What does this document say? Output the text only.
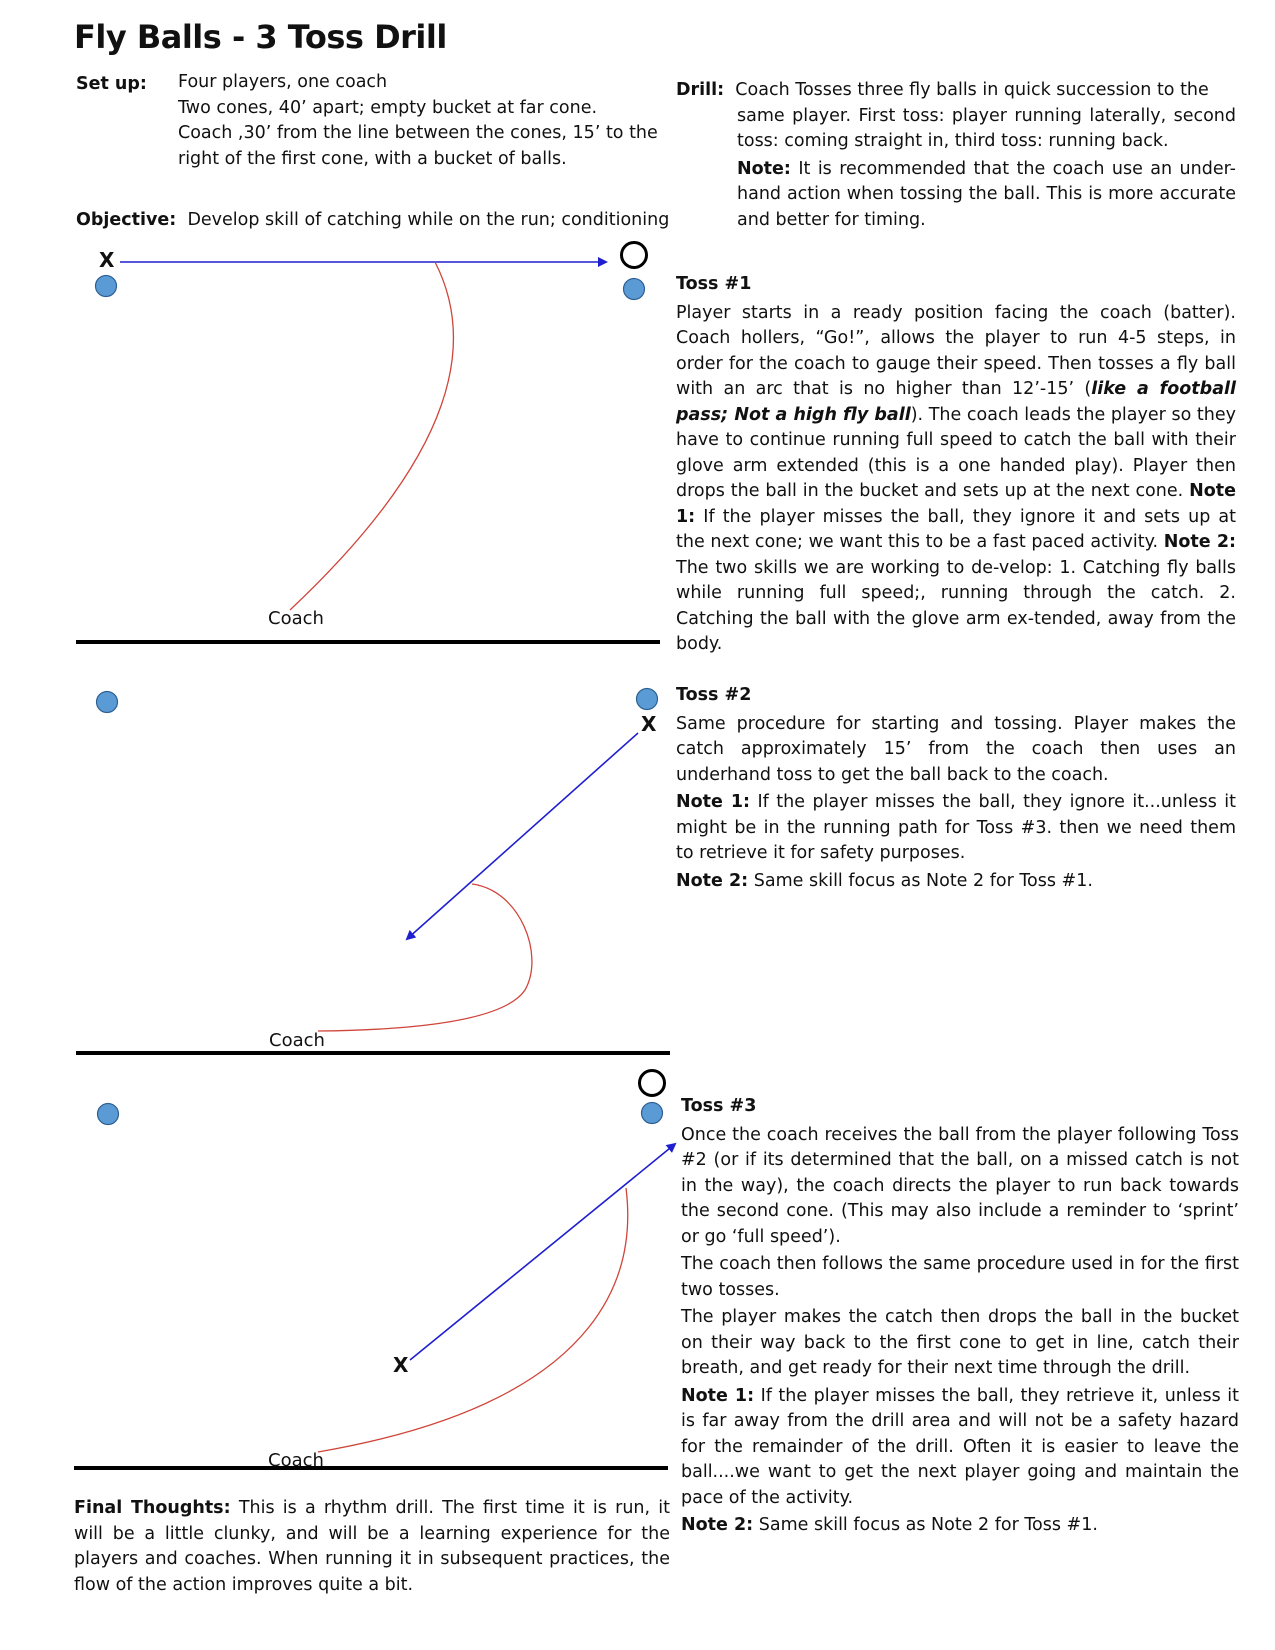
Fly Balls - 3 Toss Drill
Set up: Four players, one coach
Two cones, 40’ apart; empty bucket at far cone.
Coach ,30’ from the line between the cones, 15’ to the
right of the first cone, with a bucket of balls.
Objective: Develop skill of catching while on the run; conditioning
Drill: Coach Tosses three fly balls in quick succession to the
same player. First toss: player running laterally, second toss: coming straight in, third toss: running back.
Note: It is recommended that the coach use an under-hand action when tossing the ball. This is more accurate and better for timing.
Toss #1
Player starts in a ready position facing the coach (batter). Coach hollers, “Go!”, allows the player to run 4-5 steps, in order for the coach to gauge their speed. Then tosses a fly ball with an arc that is no higher than 12’-15’ (like a football pass; Not a high fly ball). The coach leads the player so they have to continue running full speed to catch the ball with their glove arm extended (this is a one handed play). Player then drops the ball in the bucket and sets up at the next cone. Note 1: If the player misses the ball, they ignore it and sets up at the next cone; we want this to be a fast paced activity. Note 2: The two skills we are working to de-velop: 1. Catching fly balls while running full speed;, running through the catch. 2. Catching the ball with the glove arm ex-tended, away from the body.
Toss #2
Same procedure for starting and tossing. Player makes the catch approximately 15’ from the coach then uses an underhand toss to get the ball back to the coach.
Note 1: If the player misses the ball, they ignore it...unless it might be in the running path for Toss #3. then we need them to retrieve it for safety purposes.
Note 2: Same skill focus as Note 2 for Toss #1.
Toss #3
Once the coach receives the ball from the player following Toss #2 (or if its determined that the ball, on a missed catch is not in the way), the coach directs the player to run back towards the second cone. (This may also include a reminder to ‘sprint’ or go ‘full speed’).
The coach then follows the same procedure used in for the first two tosses.
The player makes the catch then drops the ball in the bucket on their way back to the first cone to get in line, catch their breath, and get ready for their next time through the drill.
Note 1: If the player misses the ball, they retrieve it, unless it is far away from the drill area and will not be a safety hazard for the remainder of the drill. Often it is easier to leave the ball....we want to get the next player going and maintain the pace of the activity.
Note 2: Same skill focus as Note 2 for Toss #1.
Final Thoughts: This is a rhythm drill. The first time it is run, it will be a little clunky, and will be a learning experience for the players and coaches. When running it in subsequent practices, the flow of the action improves quite a bit.
X
X
X
Coach
Coach
Coach
